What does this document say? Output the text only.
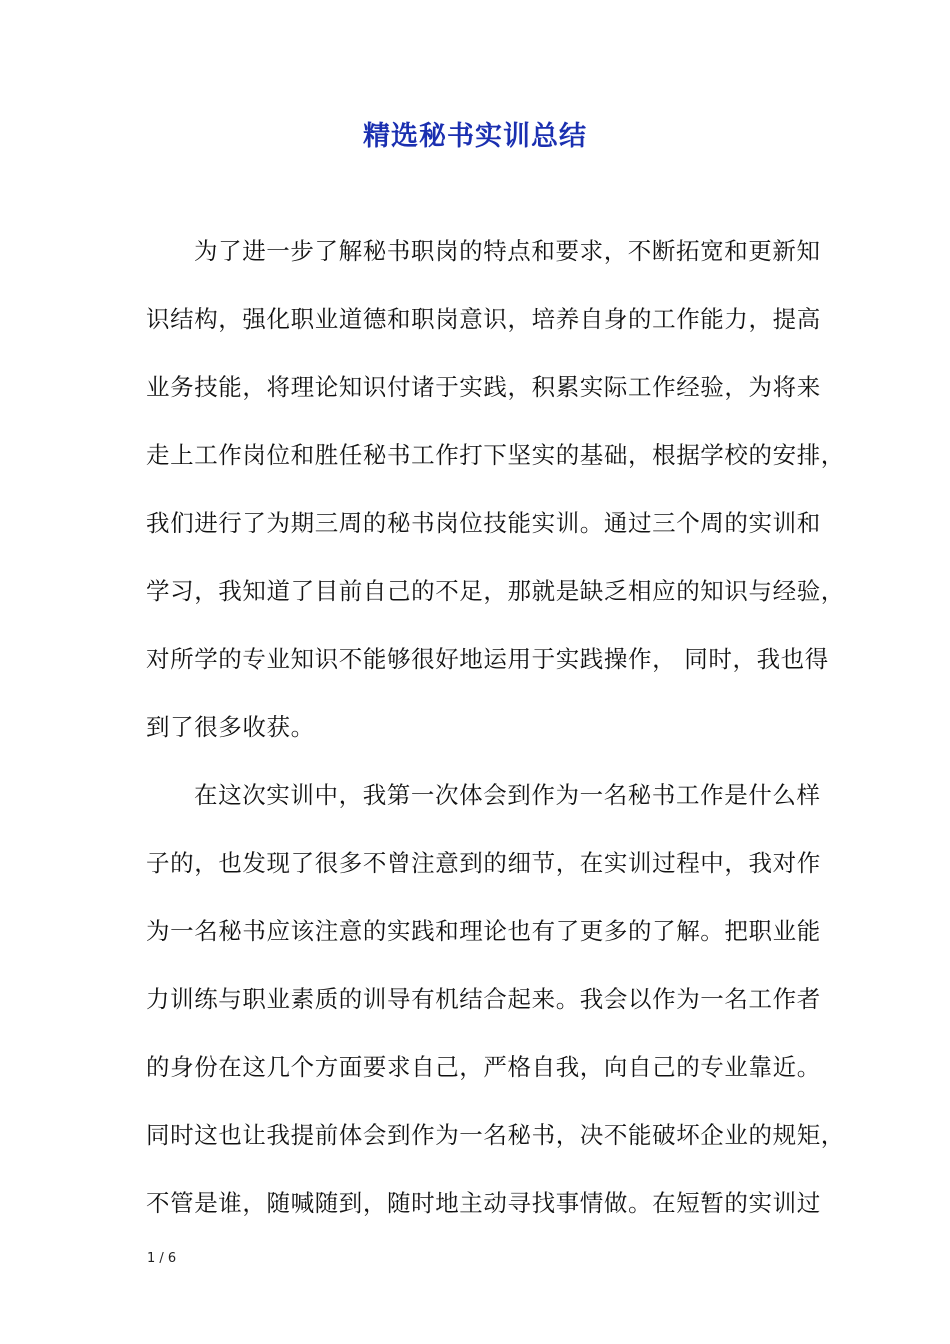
精选秘书实训总结
为了进一步了解秘书职岗的特点和要求，不断拓宽和更新知
识结构，强化职业道德和职岗意识，培养自身的工作能力，提高
业务技能，将理论知识付诸于实践，积累实际工作经验，为将来
走上工作岗位和胜任秘书工作打下坚实的基础，根据学校的安排，
我们进行了为期三周的秘书岗位技能实训。通过三个周的实训和
学习，我知道了目前自己的不足，那就是缺乏相应的知识与经验，
对所学的专业知识不能够很好地运用于实践操作， 同时，我也得
到了很多收获。
在这次实训中，我第一次体会到作为一名秘书工作是什么样
子的，也发现了很多不曾注意到的细节，在实训过程中，我对作
为一名秘书应该注意的实践和理论也有了更多的了解。把职业能
力训练与职业素质的训导有机结合起来。我会以作为一名工作者
的身份在这几个方面要求自己，严格自我，向自己的专业靠近。
同时这也让我提前体会到作为一名秘书，决不能破坏企业的规矩，
不管是谁，随喊随到，随时地主动寻找事情做。在短暂的实训过
1 / 6
